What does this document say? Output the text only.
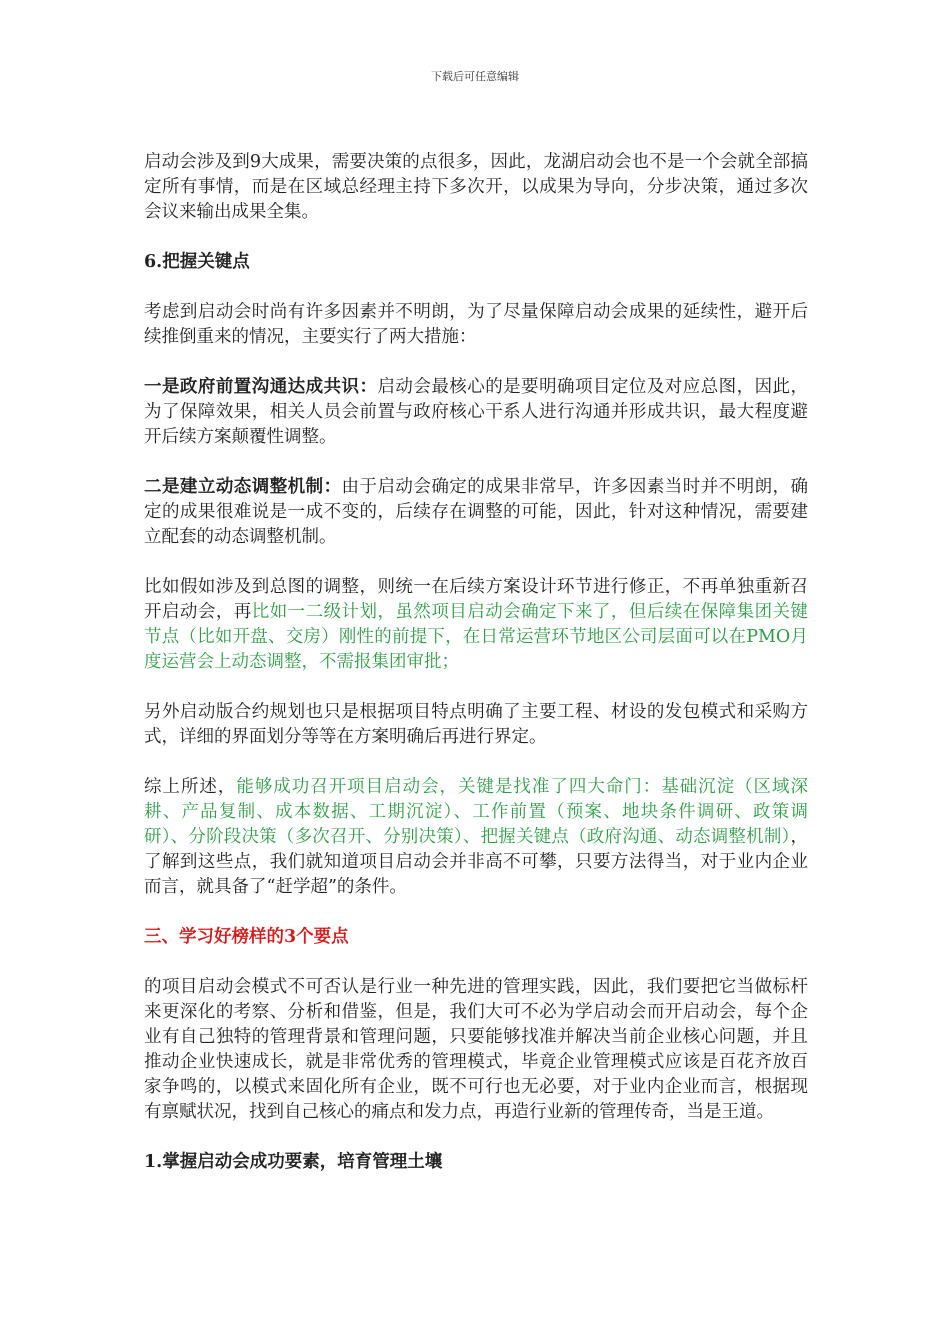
下载后可任意编辑

启动会涉及到9大成果，需要决策的点很多，因此，龙湖启动会也不是一个会就全部搞定所有事情，而是在区域总经理主持下多次开，以成果为导向，分步决策，通过多次会议来输出成果全集。

6.把握关键点

考虑到启动会时尚有许多因素并不明朗，为了尽量保障启动会成果的延续性，避开后续推倒重来的情况，主要实行了两大措施：

一是政府前置沟通达成共识：启动会最核心的是要明确项目定位及对应总图，因此，为了保障效果，相关人员会前置与政府核心干系人进行沟通并形成共识，最大程度避开后续方案颠覆性调整。

二是建立动态调整机制：由于启动会确定的成果非常早，许多因素当时并不明朗，确定的成果很难说是一成不变的，后续存在调整的可能，因此，针对这种情况，需要建立配套的动态调整机制。

比如假如涉及到总图的调整，则统一在后续方案设计环节进行修正，不再单独重新召开启动会，再比如一二级计划，虽然项目启动会确定下来了，但后续在保障集团关键节点（比如开盘、交房）刚性的前提下，在日常运营环节地区公司层面可以在PMO月度运营会上动态调整，不需报集团审批；

另外启动版合约规划也只是根据项目特点明确了主要工程、材设的发包模式和采购方式，详细的界面划分等等在方案明确后再进行界定。

综上所述，能够成功召开项目启动会，关键是找准了四大命门：基础沉淀（区域深耕、产品复制、成本数据、工期沉淀）、工作前置（预案、地块条件调研、政策调研）、分阶段决策（多次召开、分别决策）、把握关键点（政府沟通、动态调整机制），了解到这些点，我们就知道项目启动会并非高不可攀，只要方法得当，对于业内企业而言，就具备了“赶学超”的条件。

三、学习好榜样的3个要点

的项目启动会模式不可否认是行业一种先进的管理实践，因此，我们要把它当做标杆来更深化的考察、分析和借鉴，但是，我们大可不必为学启动会而开启动会，每个企业有自己独特的管理背景和管理问题，只要能够找准并解决当前企业核心问题，并且推动企业快速成长，就是非常优秀的管理模式，毕竟企业管理模式应该是百花齐放百家争鸣的，以模式来固化所有企业，既不可行也无必要，对于业内企业而言，根据现有禀赋状况，找到自己核心的痛点和发力点，再造行业新的管理传奇，当是王道。

1.掌握启动会成功要素，培育管理土壤
